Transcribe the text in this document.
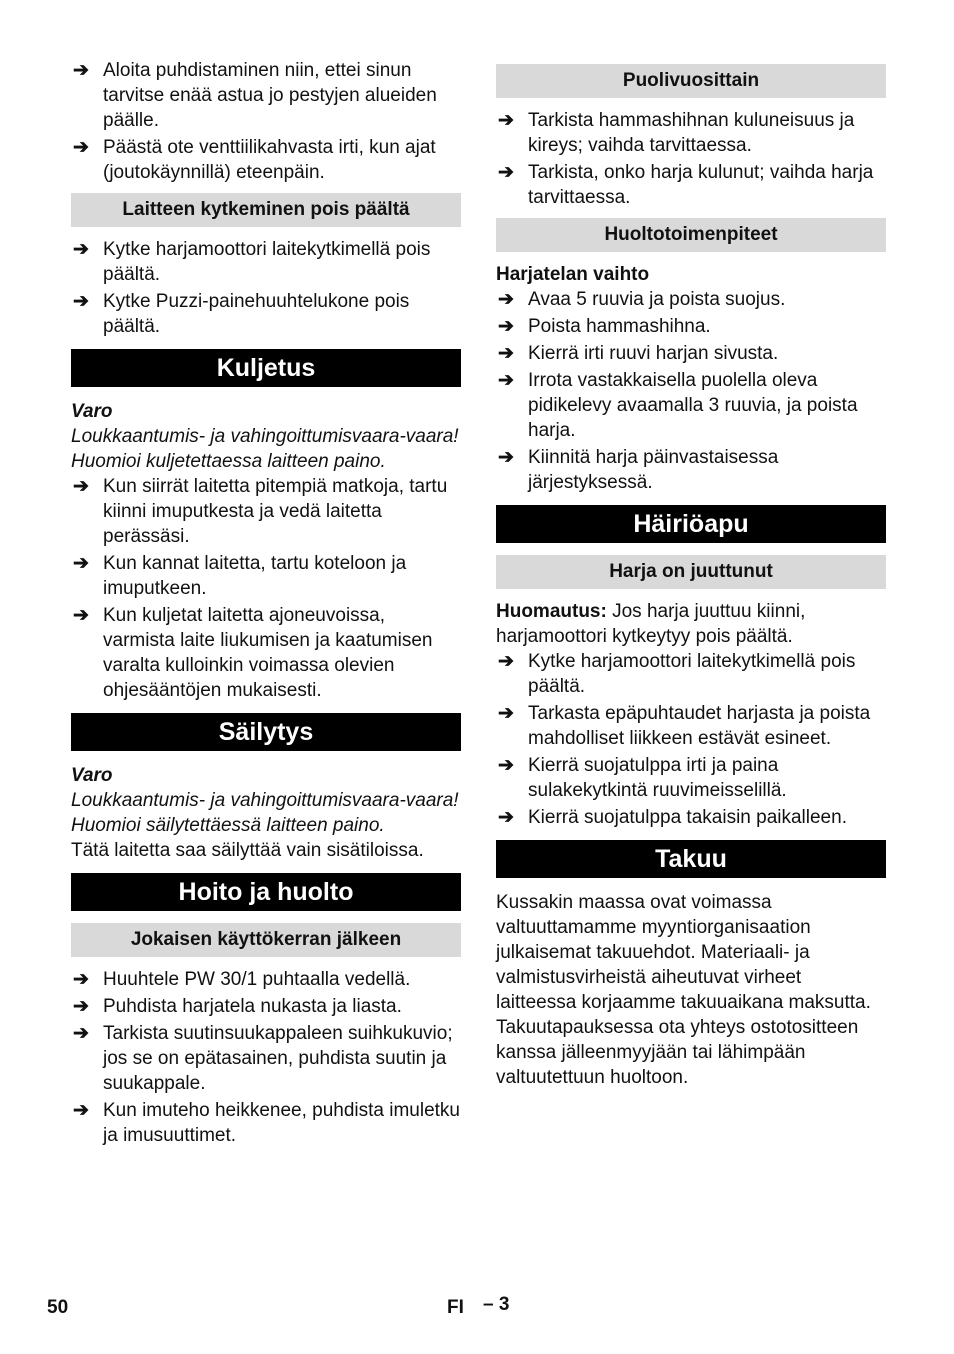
➔ Aloita puhdistaminen niin, ettei sinun tarvitse enää astua jo pestyjen alueiden päälle.
➔ Päästä ote venttiilikahvasta irti, kun ajat (joutokäynnillä) eteenpäin.
Laitteen kytkeminen pois päältä
➔ Kytke harjamoottori laitekytkimellä pois päältä.
➔ Kytke Puzzi-painehuuhtelukone pois päältä.
Kuljetus
Varo
Loukkaantumis- ja vahingoittumisvaara-vaara! Huomioi kuljetettaessa laitteen paino.
➔ Kun siirrät laitetta pitempiä matkoja, tartu kiinni imuputkesta ja vedä laitetta perässäsi.
➔ Kun kannat laitetta, tartu koteloon ja imuputkeen.
➔ Kun kuljetat laitetta ajoneuvoissa, varmista laite liukumisen ja kaatumisen varalta kulloinkin voimassa olevien ohjesääntöjen mukaisesti.
Säilytys
Varo
Loukkaantumis- ja vahingoittumisvaara-vaara! Huomioi säilytettäessä laitteen paino.
Tätä laitetta saa säilyttää vain sisätiloissa.
Hoito ja huolto
Jokaisen käyttökerran jälkeen
➔ Huuhtele PW 30/1 puhtaalla vedellä.
➔ Puhdista harjatela nukasta ja liasta.
➔ Tarkista suutinsuukappaleen suihkukuvio; jos se on epätasainen, puhdista suutin ja suukappale.
➔ Kun imuteho heikkenee, puhdista imuletku ja imusuuttimet.
Puolivuosittain
➔ Tarkista hammashihnan kuluneisuus ja kireys; vaihda tarvittaessa.
➔ Tarkista, onko harja kulunut; vaihda harja tarvittaessa.
Huoltotoimenpiteet
Harjatelan vaihto
➔ Avaa 5 ruuvia ja poista suojus.
➔ Poista hammashihna.
➔ Kierrä irti ruuvi harjan sivusta.
➔ Irrota vastakkaisella puolella oleva pidikelevy avaamalla 3 ruuvia, ja poista harja.
➔ Kiinnitä harja päinvastaisessa järjestyksessä.
Häiriöapu
Harja on juuttunut
Huomautus: Jos harja juuttuu kiinni, harjamoottori kytkeytyy pois päältä.
➔ Kytke harjamoottori laitekytkimellä pois päältä.
➔ Tarkasta epäpuhtaudet harjasta ja poista mahdolliset liikkeen estävät esineet.
➔ Kierrä suojatulppa irti ja paina sulakekytkintä ruuvimeisselillä.
➔ Kierrä suojatulppa takaisin paikalleen.
Takuu
Kussakin maassa ovat voimassa valtuuttamamme myyntiorganisaation julkaisemat takuuehdot. Materiaali- ja valmistusvirheistä aiheutuvat virheet laitteessa korjaamme takuuaikana maksutta. Takuutapauksessa ota yhteys ostotositteen kanssa jälleenmyyjään tai lähimpään valtuutettuun huoltoon.
50	FI – 3
